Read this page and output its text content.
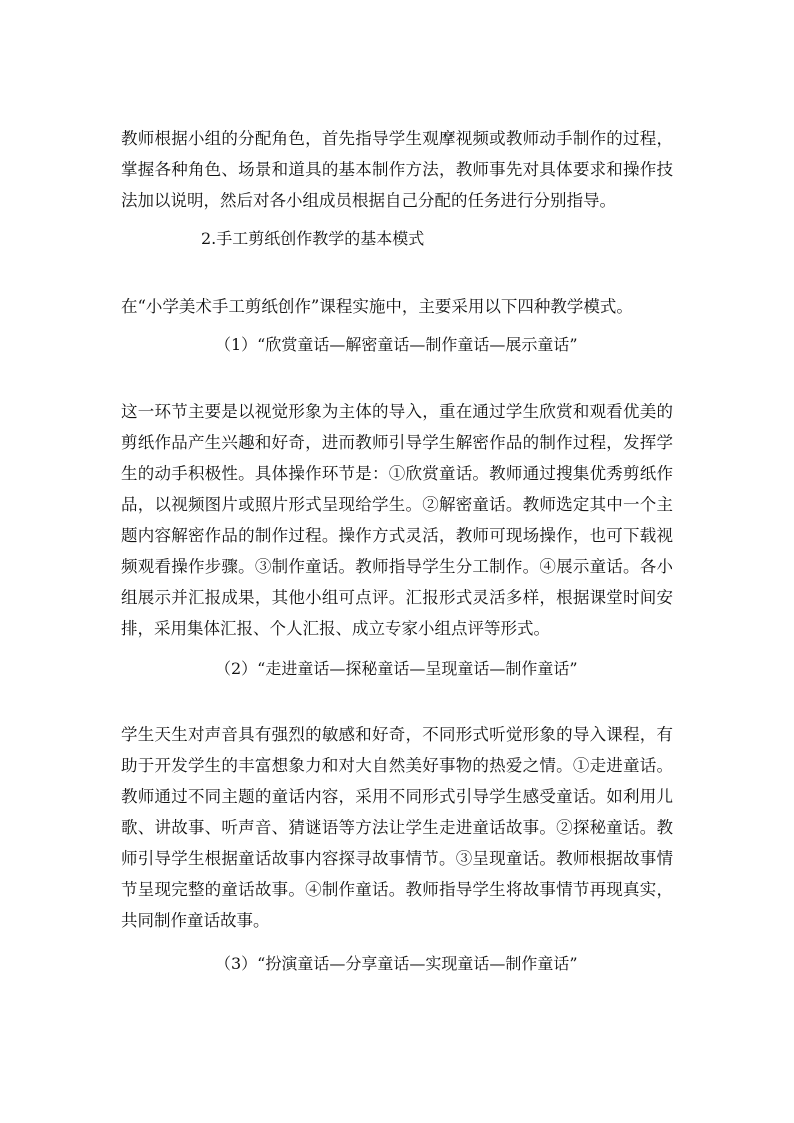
教师根据小组的分配角色，首先指导学生观摩视频或教师动手制作的过程，掌握各种角色、场景和道具的基本制作方法，教师事先对具体要求和操作技法加以说明，然后对各小组成员根据自己分配的任务进行分别指导。

2.手工剪纸创作教学的基本模式

在“小学美术手工剪纸创作”课程实施中，主要采用以下四种教学模式。

（1）“欣赏童话—解密童话—制作童话—展示童话”

这一环节主要是以视觉形象为主体的导入，重在通过学生欣赏和观看优美的剪纸作品产生兴趣和好奇，进而教师引导学生解密作品的制作过程，发挥学生的动手积极性。具体操作环节是：①欣赏童话。教师通过搜集优秀剪纸作品，以视频图片或照片形式呈现给学生。②解密童话。教师选定其中一个主题内容解密作品的制作过程。操作方式灵活，教师可现场操作，也可下载视频观看操作步骤。③制作童话。教师指导学生分工制作。④展示童话。各小组展示并汇报成果，其他小组可点评。汇报形式灵活多样，根据课堂时间安排，采用集体汇报、个人汇报、成立专家小组点评等形式。

（2）“走进童话—探秘童话—呈现童话—制作童话”

学生天生对声音具有强烈的敏感和好奇，不同形式听觉形象的导入课程，有助于开发学生的丰富想象力和对大自然美好事物的热爱之情。①走进童话。教师通过不同主题的童话内容，采用不同形式引导学生感受童话。如利用儿歌、讲故事、听声音、猜谜语等方法让学生走进童话故事。②探秘童话。教师引导学生根据童话故事内容探寻故事情节。③呈现童话。教师根据故事情节呈现完整的童话故事。④制作童话。教师指导学生将故事情节再现真实，共同制作童话故事。

（3）“扮演童话—分享童话—实现童话—制作童话”
